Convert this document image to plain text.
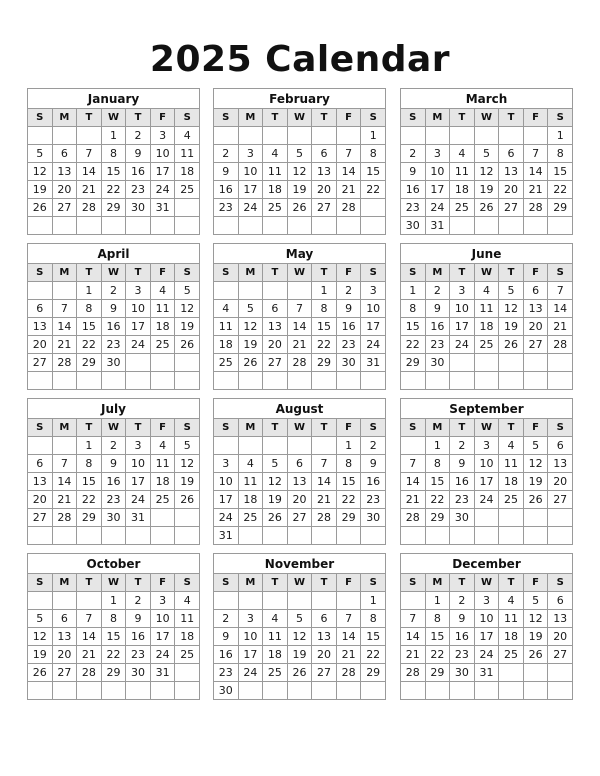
2025 Calendar
January						
S	M	T	W	T	F	S
			1	2	3	4
5	6	7	8	9	10	11
12	13	14	15	16	17	18
19	20	21	22	23	24	25
26	27	28	29	30	31	

February						
S	M	T	W	T	F	S
						1
2	3	4	5	6	7	8
9	10	11	12	13	14	15
16	17	18	19	20	21	22
23	24	25	26	27	28	

March						
S	M	T	W	T	F	S
						1
2	3	4	5	6	7	8
9	10	11	12	13	14	15
16	17	18	19	20	21	22
23	24	25	26	27	28	29
30	31					
April						
S	M	T	W	T	F	S
		1	2	3	4	5
6	7	8	9	10	11	12
13	14	15	16	17	18	19
20	21	22	23	24	25	26
27	28	29	30			

May						
S	M	T	W	T	F	S
				1	2	3
4	5	6	7	8	9	10
11	12	13	14	15	16	17
18	19	20	21	22	23	24
25	26	27	28	29	30	31

June						
S	M	T	W	T	F	S
1	2	3	4	5	6	7
8	9	10	11	12	13	14
15	16	17	18	19	20	21
22	23	24	25	26	27	28
29	30					

July						
S	M	T	W	T	F	S
		1	2	3	4	5
6	7	8	9	10	11	12
13	14	15	16	17	18	19
20	21	22	23	24	25	26
27	28	29	30	31		

August						
S	M	T	W	T	F	S
					1	2
3	4	5	6	7	8	9
10	11	12	13	14	15	16
17	18	19	20	21	22	23
24	25	26	27	28	29	30
31						
September						
S	M	T	W	T	F	S
	1	2	3	4	5	6
7	8	9	10	11	12	13
14	15	16	17	18	19	20
21	22	23	24	25	26	27
28	29	30				

October						
S	M	T	W	T	F	S
			1	2	3	4
5	6	7	8	9	10	11
12	13	14	15	16	17	18
19	20	21	22	23	24	25
26	27	28	29	30	31	

November						
S	M	T	W	T	F	S
						1
2	3	4	5	6	7	8
9	10	11	12	13	14	15
16	17	18	19	20	21	22
23	24	25	26	27	28	29
30						
December						
S	M	T	W	T	F	S
	1	2	3	4	5	6
7	8	9	10	11	12	13
14	15	16	17	18	19	20
21	22	23	24	25	26	27
28	29	30	31			
